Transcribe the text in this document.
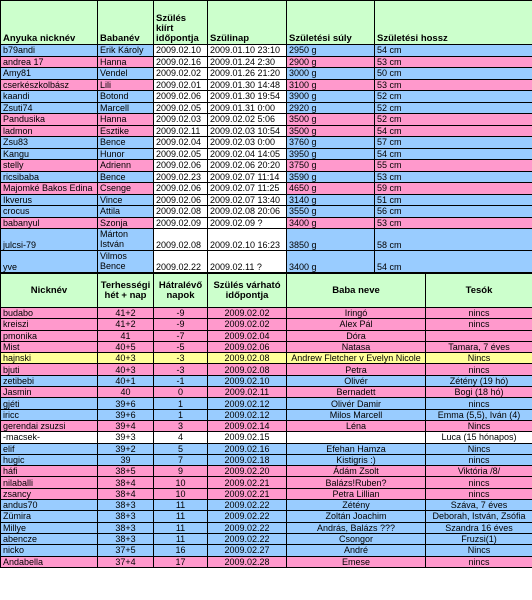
Anyuka nicknév	Babanév	Szülés kiírt időpontja	Szülinap	Születési súly	Születési hossz
b79andi	Erik Károly	2009.02.10	2009.01.10 23:10	2950 g	54 cm
andrea 17	Hanna	2009.02.16	2009.01.24 2:30	2900 g	53 cm
Amy81	Vendel	2009.02.02	2009.01.26 21:20	3000 g	50 cm
cserkészkolbász	Lili	2009.02.01	2009.01.30 14:48	3100 g	53 cm
kaandi	Botond	2009.02.06	2009.01.30 19:54	3900 g	52 cm
Zsuti74	Marcell	2009.02.05	2009.01.31 0:00	2920 g	52 cm
Pandusika	Hanna	2009.02.03	2009.02.02 5:06	3500 g	52 cm
ladmon	Esztike	2009.02.11	2009.02.03 10:54	3500 g	54 cm
Zsu83	Bence	2009.02.04	2009.02.03 0:00	3760 g	57 cm
Kangu	Hunor	2009.02.05	2009.02.04 14:05	3950 g	54 cm
stelly	Adrienn	2009.02.06	2009.02.06 20:20	3750 g	55 cm
ricsibaba	Bence	2009.02.23	2009.02.07 11:14	3590 g	53 cm
Majomké Bakos Edina	Csenge	2009.02.06	2009.02.07 11:25	4650 g	59 cm
Ikverus	Vince	2009.02.06	2009.02.07 13:40	3140 g	51 cm
crocus	Attila	2009.02.08	2009.02.08 20:06	3550 g	56 cm
babanyul	Szonja	2009.02.09	2009.02.09 ?	3400 g	53 cm
julcsi-79	Márton István	2009.02.08	2009.02.10 16:23	3850 g	58 cm
yve	Vilmos Bence	2009.02.22	2009.02.11 ?	3400 g	54 cm
Nicknév	Terhességi hét + nap	Hátralévő napok	Szülés várható időpontja	Baba neve	Tesók
budabo	41+2	-9	2009.02.02	Iringó	nincs
kreiszi	41+2	-9	2009.02.02	Alex Pál	nincs
pmonika	41	-7	2009.02.04	Dóra	
Mist	40+5	-5	2009.02.06	Natasa	Tamara, 7 éves
hajnski	40+3	-3	2009.02.08	Andrew Fletcher v Evelyn Nicole	Nincs
bjuti	40+3	-3	2009.02.08	Petra	nincs
zetibebi	40+1	-1	2009.02.10	Olivér	Zétény (19 hó)
Jasmin	40	0	2009.02.11	Bernadett	Bogi (18 hó)
gjéti	39+6	1	2009.02.12	Olivér Damir	nincs
iricc	39+6	1	2009.02.12	Milos Marcell	Emma (5,5), Iván (4)
gerendai zsuzsi	39+4	3	2009.02.14	Léna	Nincs
-macsek-	39+3	4	2009.02.15		Luca (15 hónapos)
elif	39+2	5	2009.02.16	Efehan Hamza	Nincs
hugic	39	7	2009.02.18	Kistigris :)	nincs
háfi	38+5	9	2009.02.20	Ádám Zsolt	Viktória /8/
nilaballi	38+4	10	2009.02.21	Balázs!Ruben?	nincs
zsancy	38+4	10	2009.02.21	Petra Lillian	nincs
andus70	38+3	11	2009.02.22	Zétény	Száva, 7 éves
Zümira	38+3	11	2009.02.22	Zoltán Joachim	Deborah, István, Zsófia
Millye	38+3	11	2009.02.22	András, Balázs ???	Szandra 16 éves
abencze	38+3	11	2009.02.22	Csongor	Fruzsi(1)
nicko	37+5	16	2009.02.27	André	Nincs
Andabella	37+4	17	2009.02.28	Emese	nincs
